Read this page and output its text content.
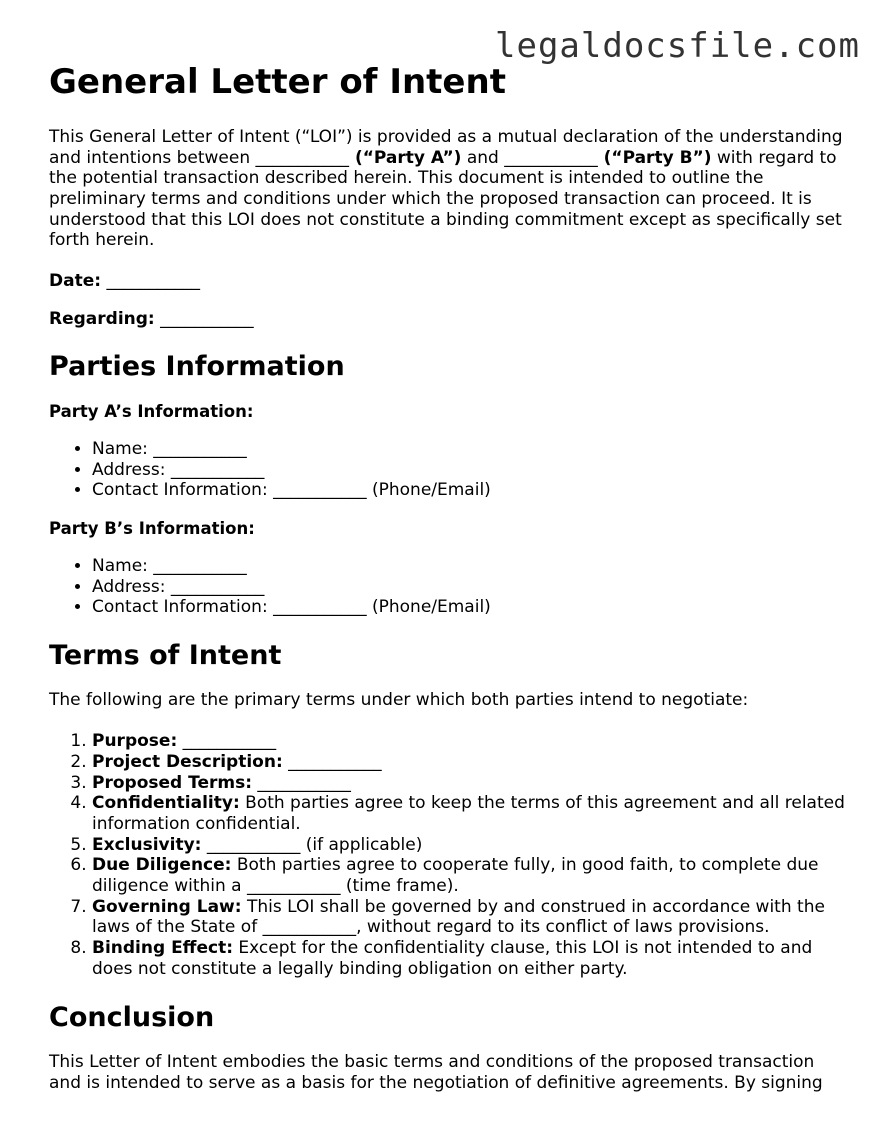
legaldocsfile.com
General Letter of Intent

This General Letter of Intent (“LOI”) is provided as a mutual declaration of the understanding and intentions between ___________ (“Party A”) and ___________ (“Party B”) with regard to the potential transaction described herein. This document is intended to outline the preliminary terms and conditions under which the proposed transaction can proceed. It is understood that this LOI does not constitute a binding commitment except as specifically set forth herein.

Date: ___________

Regarding: ___________

Parties Information
Party A’s Information:
• Name: ___________
• Address: ___________
• Contact Information: ___________ (Phone/Email)
Party B’s Information:
• Name: ___________
• Address: ___________
• Contact Information: ___________ (Phone/Email)
Terms of Intent

The following are the primary terms under which both parties intend to negotiate:

1. Purpose: ___________
2. Project Description: ___________
3. Proposed Terms: ___________
4. Confidentiality: Both parties agree to keep the terms of this agreement and all related information confidential.
5. Exclusivity: ___________ (if applicable)
6. Due Diligence: Both parties agree to cooperate fully, in good faith, to complete due diligence within a ___________ (time frame).
7. Governing Law: This LOI shall be governed by and construed in accordance with the laws of the State of ___________, without regard to its conflict of laws provisions.
8. Binding Effect: Except for the confidentiality clause, this LOI is not intended to and does not constitute a legally binding obligation on either party.
Conclusion

This Letter of Intent embodies the basic terms and conditions of the proposed transaction and is intended to serve as a basis for the negotiation of definitive agreements. By signing
